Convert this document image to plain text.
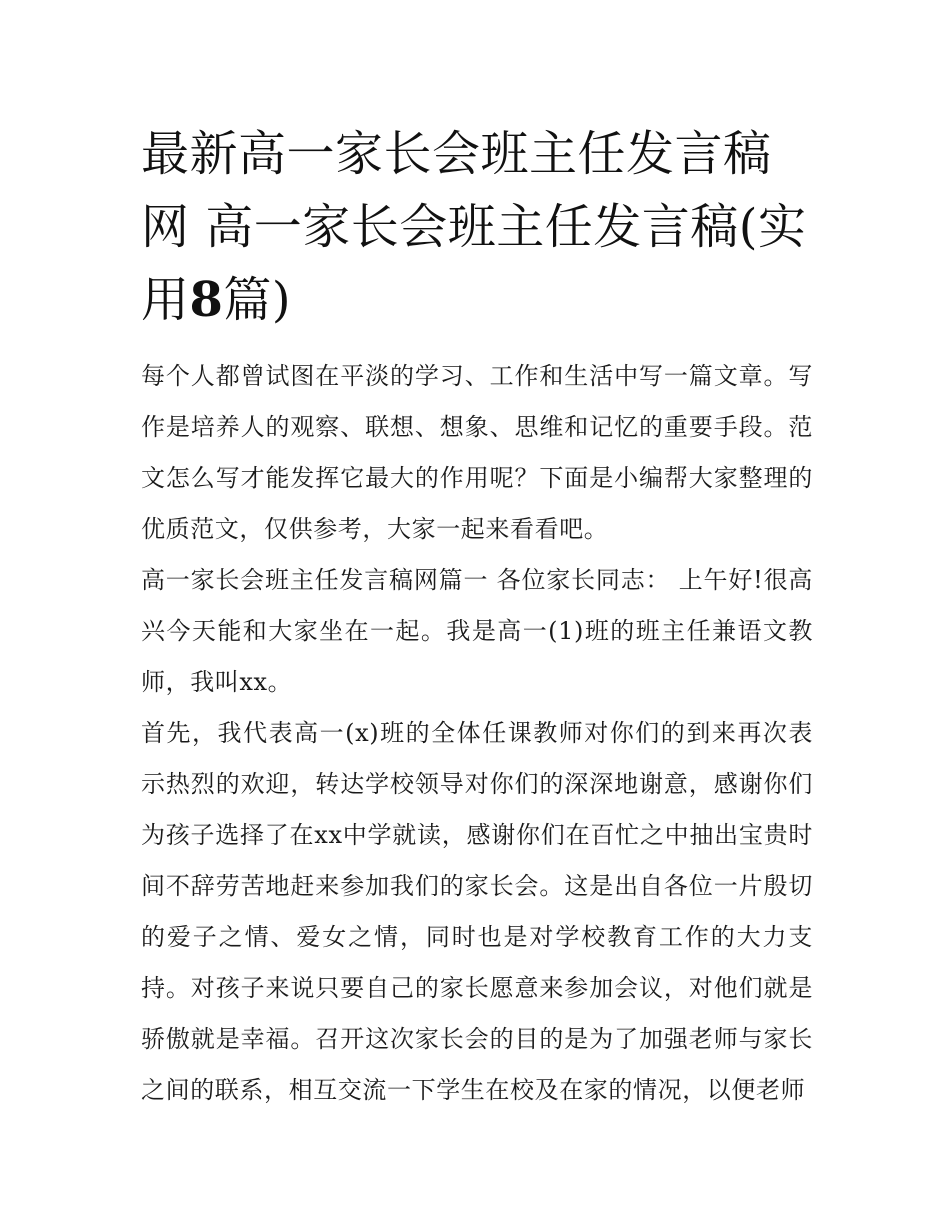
最新高一家长会班主任发言稿网 高一家长会班主任发言稿(实用8篇)

每个人都曾试图在平淡的学习、工作和生活中写一篇文章。写作是培养人的观察、联想、想象、思维和记忆的重要手段。范文怎么写才能发挥它最大的作用呢？下面是小编帮大家整理的优质范文，仅供参考，大家一起来看看吧。

高一家长会班主任发言稿网篇一 各位家长同志： 上午好!很高兴今天能和大家坐在一起。我是高一(1)班的班主任兼语文教师，我叫xx。

首先，我代表高一(x)班的全体任课教师对你们的到来再次表示热烈的欢迎，转达学校领导对你们的深深地谢意，感谢你们为孩子选择了在xx中学就读，感谢你们在百忙之中抽出宝贵时间不辞劳苦地赶来参加我们的家长会。这是出自各位一片殷切的爱子之情、爱女之情，同时也是对学校教育工作的大力支持。对孩子来说只要自己的家长愿意来参加会议，对他们就是骄傲就是幸福。召开这次家长会的目的是为了加强老师与家长之间的联系，相互交流一下学生在校及在家的情况，以便老师
